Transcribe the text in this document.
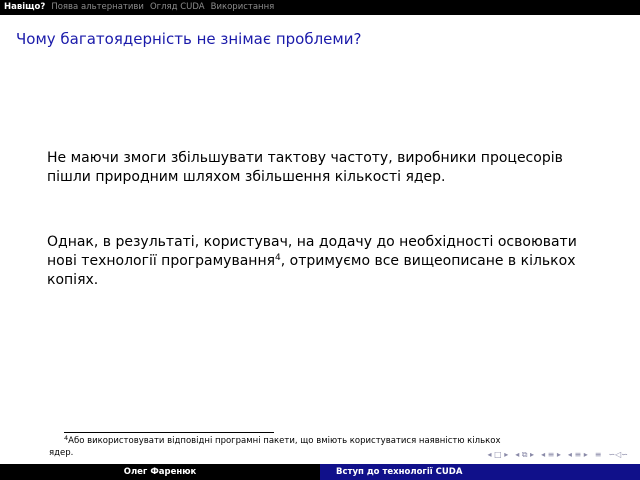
Навіщо? Поява альтернативи Огляд CUDA Використання
Чому багатоядерність не знімає проблеми?

Не маючи змоги збільшувати тактову частоту, виробники процесорів пішли природним шляхом збільшення кількості ядер.

Однак, в результаті, користувач, на додачу до необхідності освоювати нові технології програмування$^4$, отримуємо все вищеописане в кількох копіях.

$^4$Або використовувати відповідні програмні пакети, що вміють користуватися наявністю кількох
ядер.	◂ □ ▸ ◂ ⧉ ▸ ◂ ≡ ▸ ◂ ≡ ▸ ≡ ∽◁∽
Олег Фаренюк	Вступ до технології CUDA
